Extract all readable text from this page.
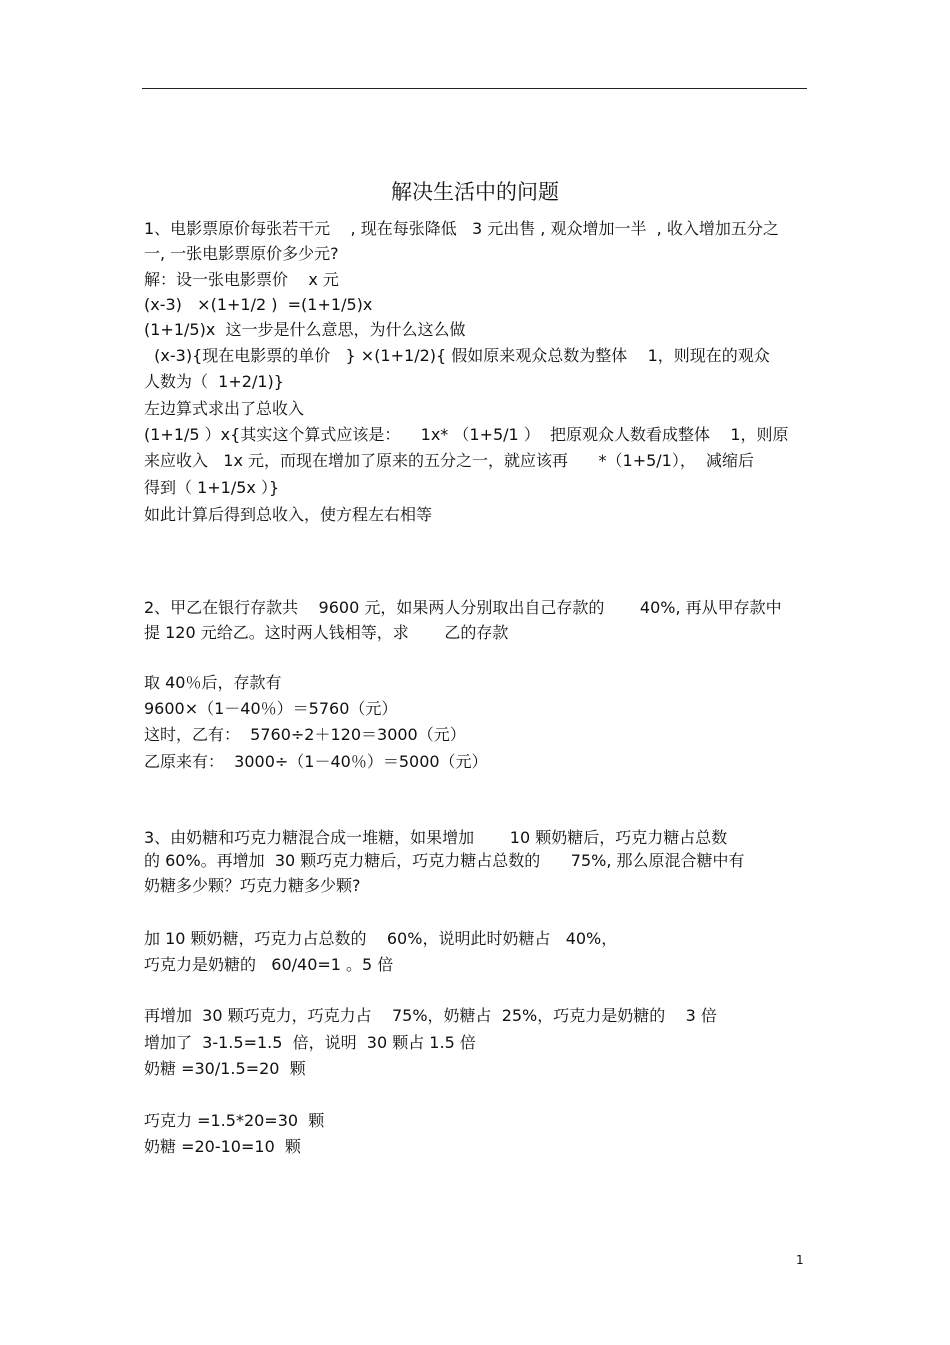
解决生活中的问题
1、电影票原价每张若干元    , 现在每张降低   3 元出售 , 观众增加一半  , 收入增加五分之
一, 一张电影票原价多少元?
解：设一张电影票价    x 元
(x-3)   ×(1+1/2 )  =(1+1/5)x
(1+1/5)x  这一步是什么意思，为什么这么做
(x-3){现在电影票的单价   } ×(1+1/2){ 假如原来观众总数为整体    1，则现在的观众
人数为（  1+2/1)}
左边算式求出了总收入
(1+1/5 ）x{其实这个算式应该是：    1x* （1+5/1 ）  把原观众人数看成整体    1，则原
来应收入   1x 元，而现在增加了原来的五分之一，就应该再      *（1+5/1），  减缩后
得到（ 1+1/5x ）}
如此计算后得到总收入，使方程左右相等
2、甲乙在银行存款共    9600 元，如果两人分别取出自己存款的       40%, 再从甲存款中
提 120 元给乙。这时两人钱相等，求       乙的存款
取 40％后，存款有
9600×（1－40％）＝5760（元）
这时，乙有：  5760÷2＋120＝3000（元）
乙原来有：  3000÷（1－40％）＝5000（元）
3、由奶糖和巧克力糖混合成一堆糖，如果增加       10 颗奶糖后，巧克力糖占总数
的 60%。再增加  30 颗巧克力糖后，巧克力糖占总数的      75%, 那么原混合糖中有
奶糖多少颗？巧克力糖多少颗?
加 10 颗奶糖，巧克力占总数的    60%，说明此时奶糖占   40%，
巧克力是奶糖的   60/40=1 。5 倍
再增加  30 颗巧克力，巧克力占    75%，奶糖占  25%，巧克力是奶糖的    3 倍
增加了  3-1.5=1.5  倍，说明  30 颗占 1.5 倍
奶糖 =30/1.5=20  颗
巧克力 =1.5*20=30  颗
奶糖 =20-10=10  颗
1
